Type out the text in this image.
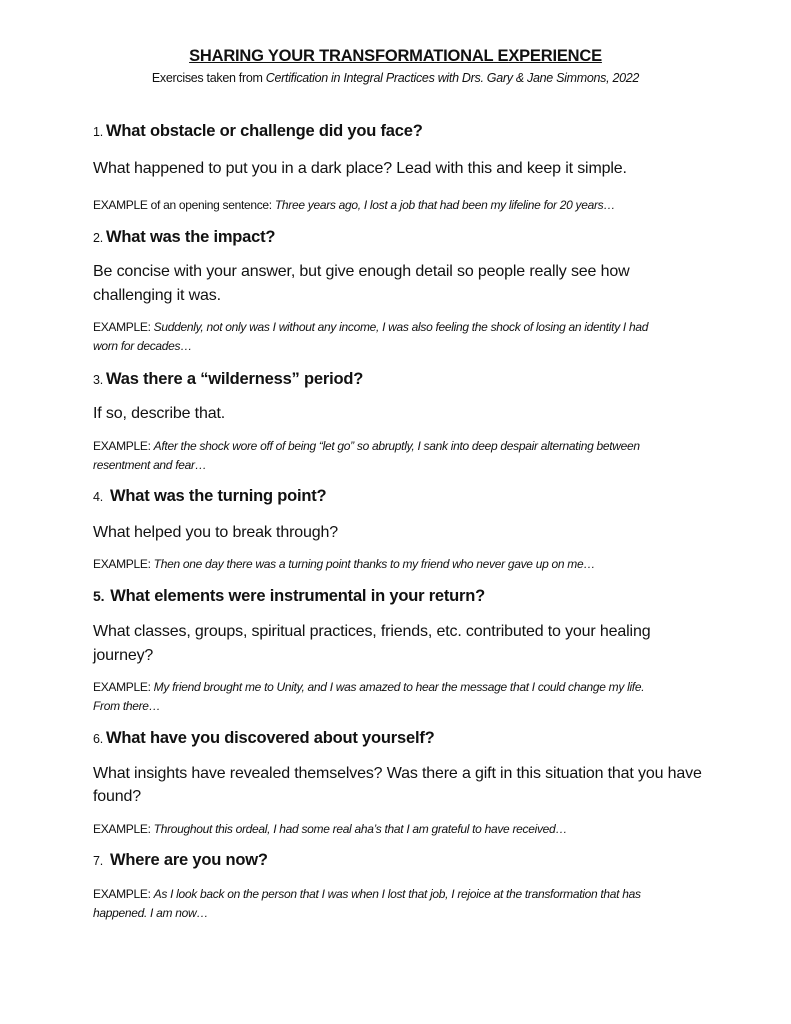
SHARING YOUR TRANSFORMATIONAL EXPERIENCE
Exercises taken from Certification in Integral Practices with Drs. Gary & Jane Simmons, 2022
1. What obstacle or challenge did you face?
What happened to put you in a dark place? Lead with this and keep it simple.
EXAMPLE of an opening sentence: Three years ago, I lost a job that had been my lifeline for 20 years…
2. What was the impact?
Be concise with your answer, but give enough detail so people really see how
challenging it was.
EXAMPLE: Suddenly, not only was I without any income, I was also feeling the shock of losing an identity I had
worn for decades…
3. Was there a “wilderness” period?
If so, describe that.
EXAMPLE: After the shock wore off of being “let go” so abruptly, I sank into deep despair alternating between
resentment and fear…
4. What was the turning point?
What helped you to break through?
EXAMPLE: Then one day there was a turning point thanks to my friend who never gave up on me…
5. What elements were instrumental in your return?
What classes, groups, spiritual practices, friends, etc. contributed to your healing
journey?
EXAMPLE: My friend brought me to Unity, and I was amazed to hear the message that I could change my life.
From there…
6. What have you discovered about yourself?
What insights have revealed themselves? Was there a gift in this situation that you have
found?
EXAMPLE: Throughout this ordeal, I had some real aha’s that I am grateful to have received…
7. Where are you now?
EXAMPLE: As I look back on the person that I was when I lost that job, I rejoice at the transformation that has
happened. I am now…
